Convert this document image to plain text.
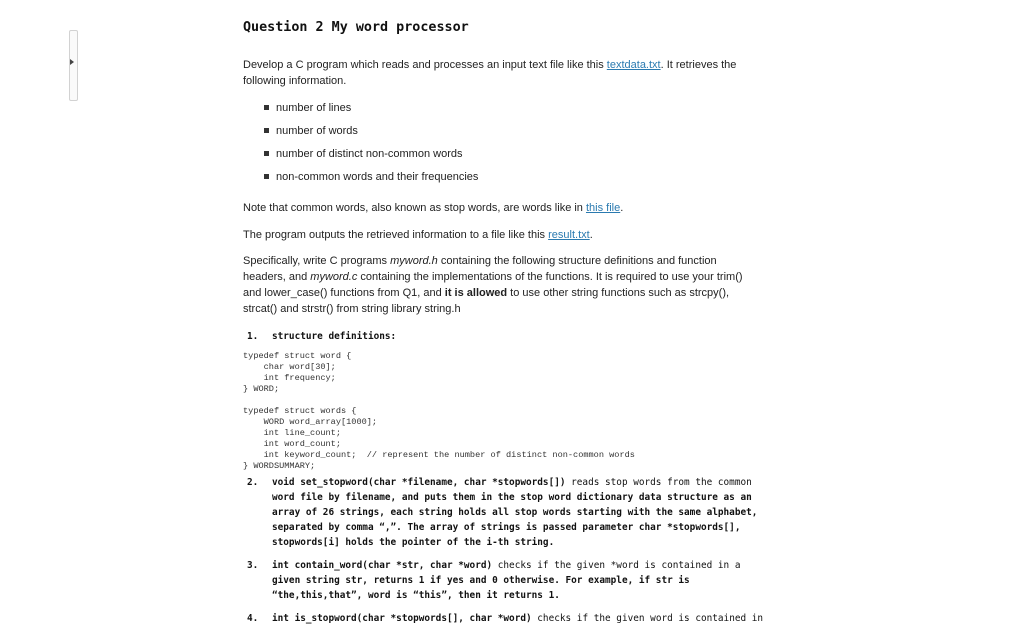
Question 2 My word processor

Develop a C program which reads and processes an input text file like this textdata.txt. It retrieves the
following information.

number of lines
number of words
number of distinct non-common words
non-common words and their frequencies

Note that common words, also known as stop words, are words like in this file.

The program outputs the retrieved information to a file like this result.txt.

Specifically, write C programs myword.h containing the following structure definitions and function
headers, and myword.c containing the implementations of the functions. It is required to use your trim()
and lower_case() functions from Q1, and it is allowed to use other string functions such as strcpy(),
strcat() and strstr() from string library string.h

1. structure definitions:
typedef struct word {
char word[30];
int frequency;
} WORD;
typedef struct words {
WORD word_array[1000];
int line_count;
int word_count;
int keyword_count;  // represent the number of distinct non-common words
} WORDSUMMARY;
2. void set_stopword(char *filename, char *stopwords[]) reads stop words from the common
word file by filename, and puts them in the stop word dictionary data structure as an
array of 26 strings, each string holds all stop words starting with the same alphabet,
separated by comma “,”. The array of strings is passed parameter char *stopwords[],
stopwords[i] holds the pointer of the i-th string.
3. int contain_word(char *str, char *word) checks if the given *word is contained in a
given string str, returns 1 if yes and 0 otherwise. For example, if str is
“the,this,that”, word is “this”, then it returns 1.
4. int is_stopword(char *stopwords[], char *word) checks if the given word is contained in
